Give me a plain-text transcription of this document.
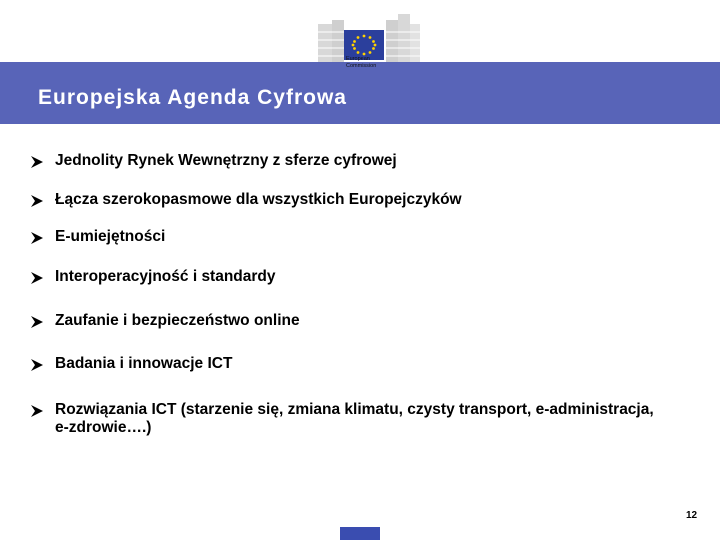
European
Commission
Europejska Agenda Cyfrowa
Jednolity Rynek Wewnętrzny z sferze cyfrowej
Łącza szerokopasmowe dla wszystkich Europejczyków
E-umiejętności
Interoperacyjność i standardy
Zaufanie i bezpieczeństwo online
Badania i innowacje ICT
Rozwiązania ICT (starzenie się, zmiana klimatu, czysty transport, e-administracja, e-zdrowie….)
12
